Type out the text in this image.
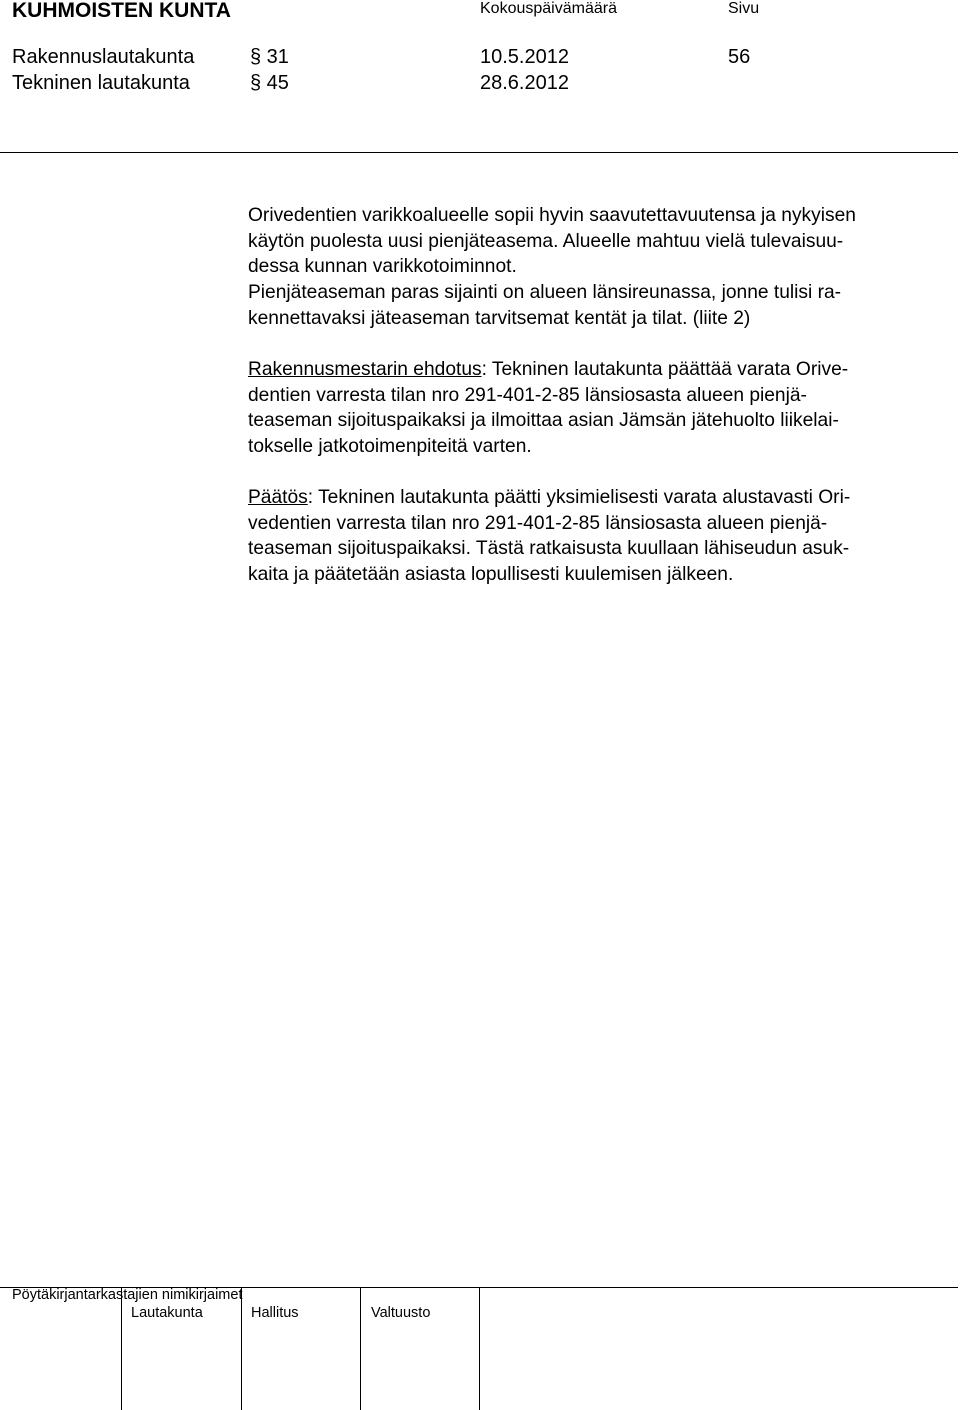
KUHMOISTEN KUNTA	Kokouspäivämäärä	Sivu
Rakennuslautakunta	§ 31	10.5.2012	56
Tekninen lautakunta	§ 45	28.6.2012
Orivedentien varikkoalueelle sopii hyvin saavutettavuutensa ja nykyisen
käytön puolesta uusi pienjäteasema. Alueelle mahtuu vielä tulevaisuu-
dessa kunnan varikkotoiminnot.
Pienjäteaseman paras sijainti on alueen länsireunassa, jonne tulisi ra-
kennettavaksi jäteaseman tarvitsemat kentät ja tilat. (liite 2)
Rakennusmestarin ehdotus: Tekninen lautakunta päättää varata Orive-
dentien varresta tilan nro 291-401-2-85 länsiosasta alueen pienjä-
teaseman sijoituspaikaksi ja ilmoittaa asian Jämsän jätehuolto liikelai-
tokselle jatkotoimenpiteitä varten.
Päätös: Tekninen lautakunta päätti yksimielisesti varata alustavasti Ori-
vedentien varresta tilan nro 291-401-2-85 länsiosasta alueen pienjä-
teaseman sijoituspaikaksi. Tästä ratkaisusta kuullaan lähiseudun asuk-
kaita ja päätetään asiasta lopullisesti kuulemisen jälkeen.
Pöytäkirjantarkastajien nimikirjaimet
Lautakunta	Hallitus	Valtuusto
